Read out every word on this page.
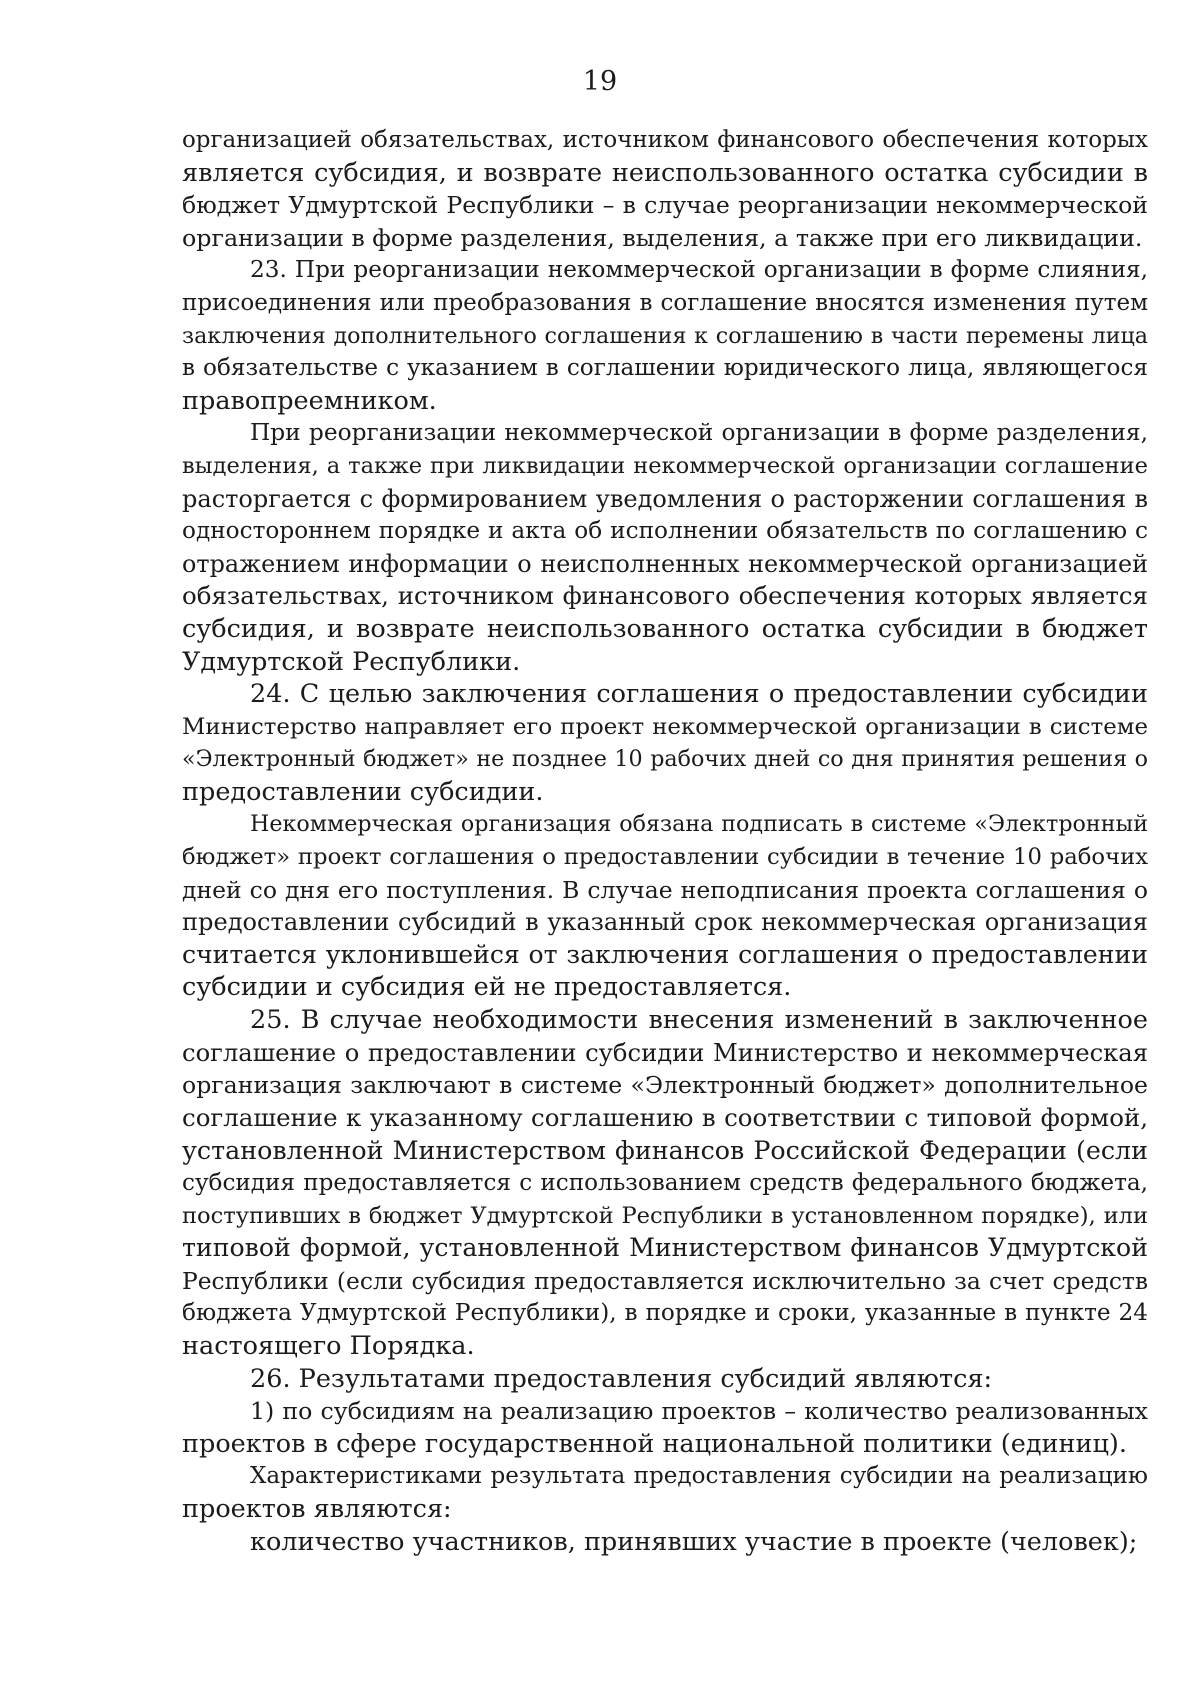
19
организацией обязательствах, источником финансового обеспечения которых
является субсидия, и возврате неиспользованного остатка субсидии в
бюджет Удмуртской Республики – в случае реорганизации некоммерческой
организации в форме разделения, выделения, а также при его ликвидации.
23. При реорганизации некоммерческой организации в форме слияния,
присоединения или преобразования в соглашение вносятся изменения путем
заключения дополнительного соглашения к соглашению в части перемены лица
в обязательстве с указанием в соглашении юридического лица, являющегося
правопреемником.
При реорганизации некоммерческой организации в форме разделения,
выделения, а также при ликвидации некоммерческой организации соглашение
расторгается с формированием уведомления о расторжении соглашения в
одностороннем порядке и акта об исполнении обязательств по соглашению с
отражением информации о неисполненных некоммерческой организацией
обязательствах, источником финансового обеспечения которых является
субсидия, и возврате неиспользованного остатка субсидии в бюджет
Удмуртской Республики.
24. С целью заключения соглашения о предоставлении субсидии
Министерство направляет его проект некоммерческой организации в системе
«Электронный бюджет» не позднее 10 рабочих дней со дня принятия решения о
предоставлении субсидии.
Некоммерческая организация обязана подписать в системе «Электронный
бюджет» проект соглашения о предоставлении субсидии в течение 10 рабочих
дней со дня его поступления. В случае неподписания проекта соглашения о
предоставлении субсидий в указанный срок некоммерческая организация
считается уклонившейся от заключения соглашения о предоставлении
субсидии и субсидия ей не предоставляется.
25. В случае необходимости внесения изменений в заключенное
соглашение о предоставлении субсидии Министерство и некоммерческая
организация заключают в системе «Электронный бюджет» дополнительное
соглашение к указанному соглашению в соответствии с типовой формой,
установленной Министерством финансов Российской Федерации (если
субсидия предоставляется с использованием средств федерального бюджета,
поступивших в бюджет Удмуртской Республики в установленном порядке), или
типовой формой, установленной Министерством финансов Удмуртской
Республики (если субсидия предоставляется исключительно за счет средств
бюджета Удмуртской Республики), в порядке и сроки, указанные в пункте 24
настоящего Порядка.
26. Результатами предоставления субсидий являются:
1) по субсидиям на реализацию проектов – количество реализованных
проектов в сфере государственной национальной политики (единиц).
Характеристиками результата предоставления субсидии на реализацию
проектов являются:
количество участников, принявших участие в проекте (человек);
